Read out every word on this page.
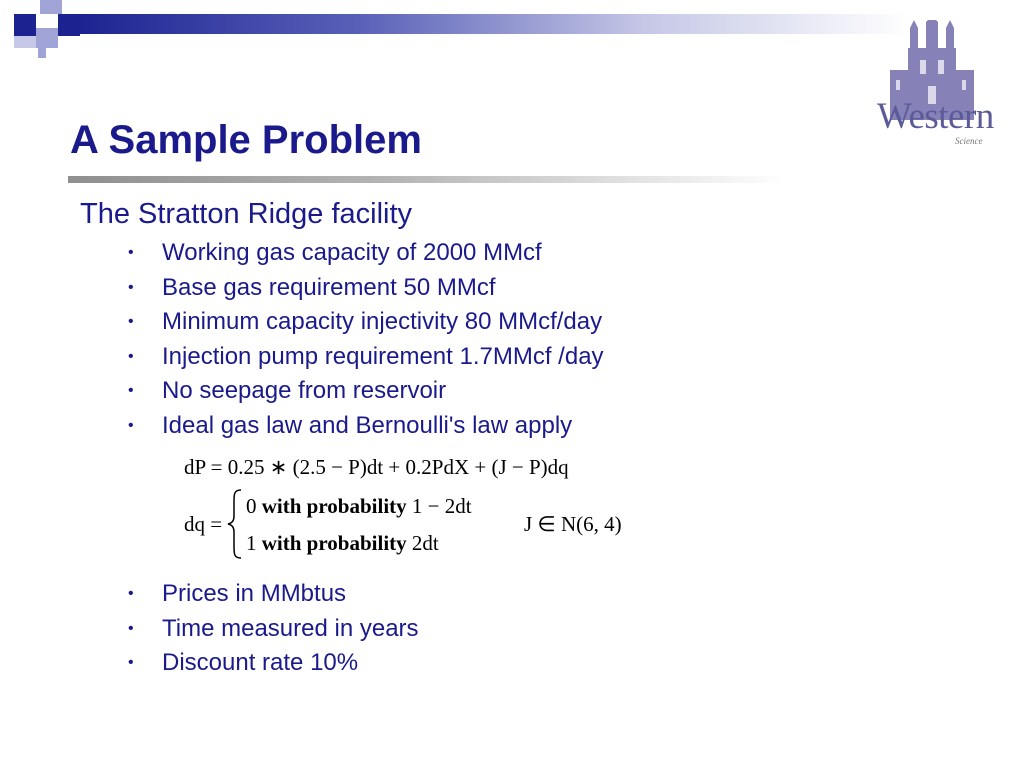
Western
Science
A Sample Problem
The Stratton Ridge facility
• Working gas capacity of 2000 MMcf
• Base gas requirement 50 MMcf
• Minimum capacity injectivity 80 MMcf/day
• Injection pump requirement 1.7MMcf /day
• No seepage from reservoir
• Ideal gas law and Bernoulli's law apply
dP = 0.25 ∗ (2.5 − P)dt + 0.2PdX + (J − P)dq
dq =
0 with probability 1 − 2dt
1 with probability 2dt
J ∈ N(6, 4)
• Prices in MMbtus
• Time measured in years
• Discount rate 10%
